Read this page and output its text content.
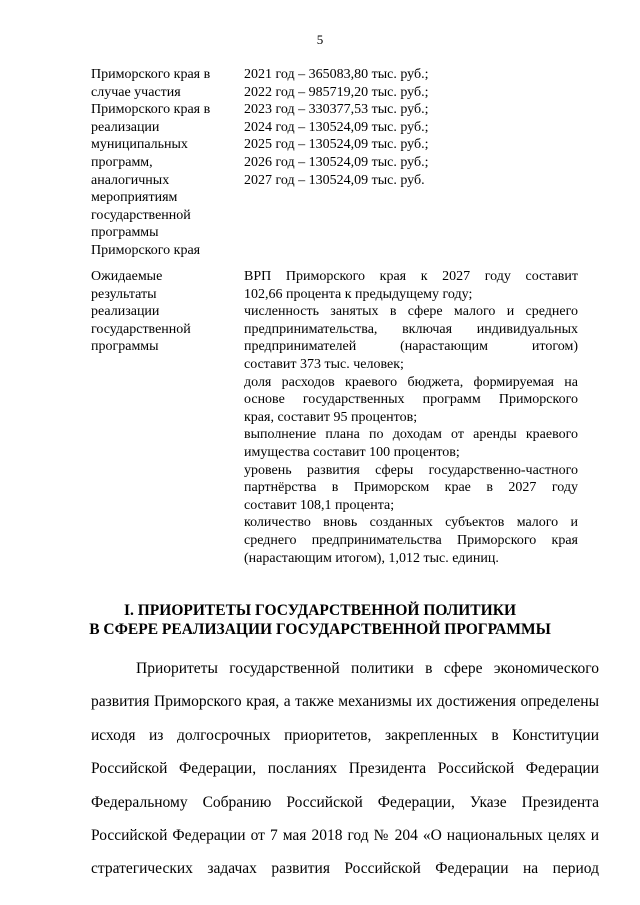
5
Приморского края в
случае участия
Приморского края в
реализации
муниципальных
программ,
аналогичных
мероприятиям
государственной
программы
Приморского края
2021 год – 365083,80 тыс. руб.;
2022 год – 985719,20 тыс. руб.;
2023 год – 330377,53 тыс. руб.;
2024 год – 130524,09 тыс. руб.;
2025 год – 130524,09 тыс. руб.;
2026 год – 130524,09 тыс. руб.;
2027 год – 130524,09 тыс. руб.
Ожидаемые
результаты
реализации
государственной
программы
ВРП Приморского края к 2027 году составит
102,66 процента к предыдущему году;
численность занятых в сфере малого и среднего
предпринимательства, включая индивидуальных
предпринимателей (нарастающим итогом)
составит 373 тыс. человек;
доля расходов краевого бюджета, формируемая на
основе государственных программ Приморского
края, составит 95 процентов;
выполнение плана по доходам от аренды краевого
имущества составит 100 процентов;
уровень развития сферы государственно-частного
партнёрства в Приморском крае в 2027 году
составит 108,1 процента;
количество вновь созданных субъектов малого и
среднего предпринимательства Приморского края
(нарастающим итогом), 1,012 тыс. единиц.
I. ПРИОРИТЕТЫ ГОСУДАРСТВЕННОЙ ПОЛИТИКИ
В СФЕРЕ РЕАЛИЗАЦИИ ГОСУДАРСТВЕННОЙ ПРОГРАММЫ
Приоритеты государственной политики в сфере экономического
развития Приморского края, а также механизмы их достижения определены
исходя из долгосрочных приоритетов, закрепленных в Конституции
Российской Федерации, посланиях Президента Российской Федерации
Федеральному Собранию Российской Федерации, Указе Президента
Российской Федерации от 7 мая 2018 год № 204 «О национальных целях и
стратегических задачах развития Российской Федерации на период
